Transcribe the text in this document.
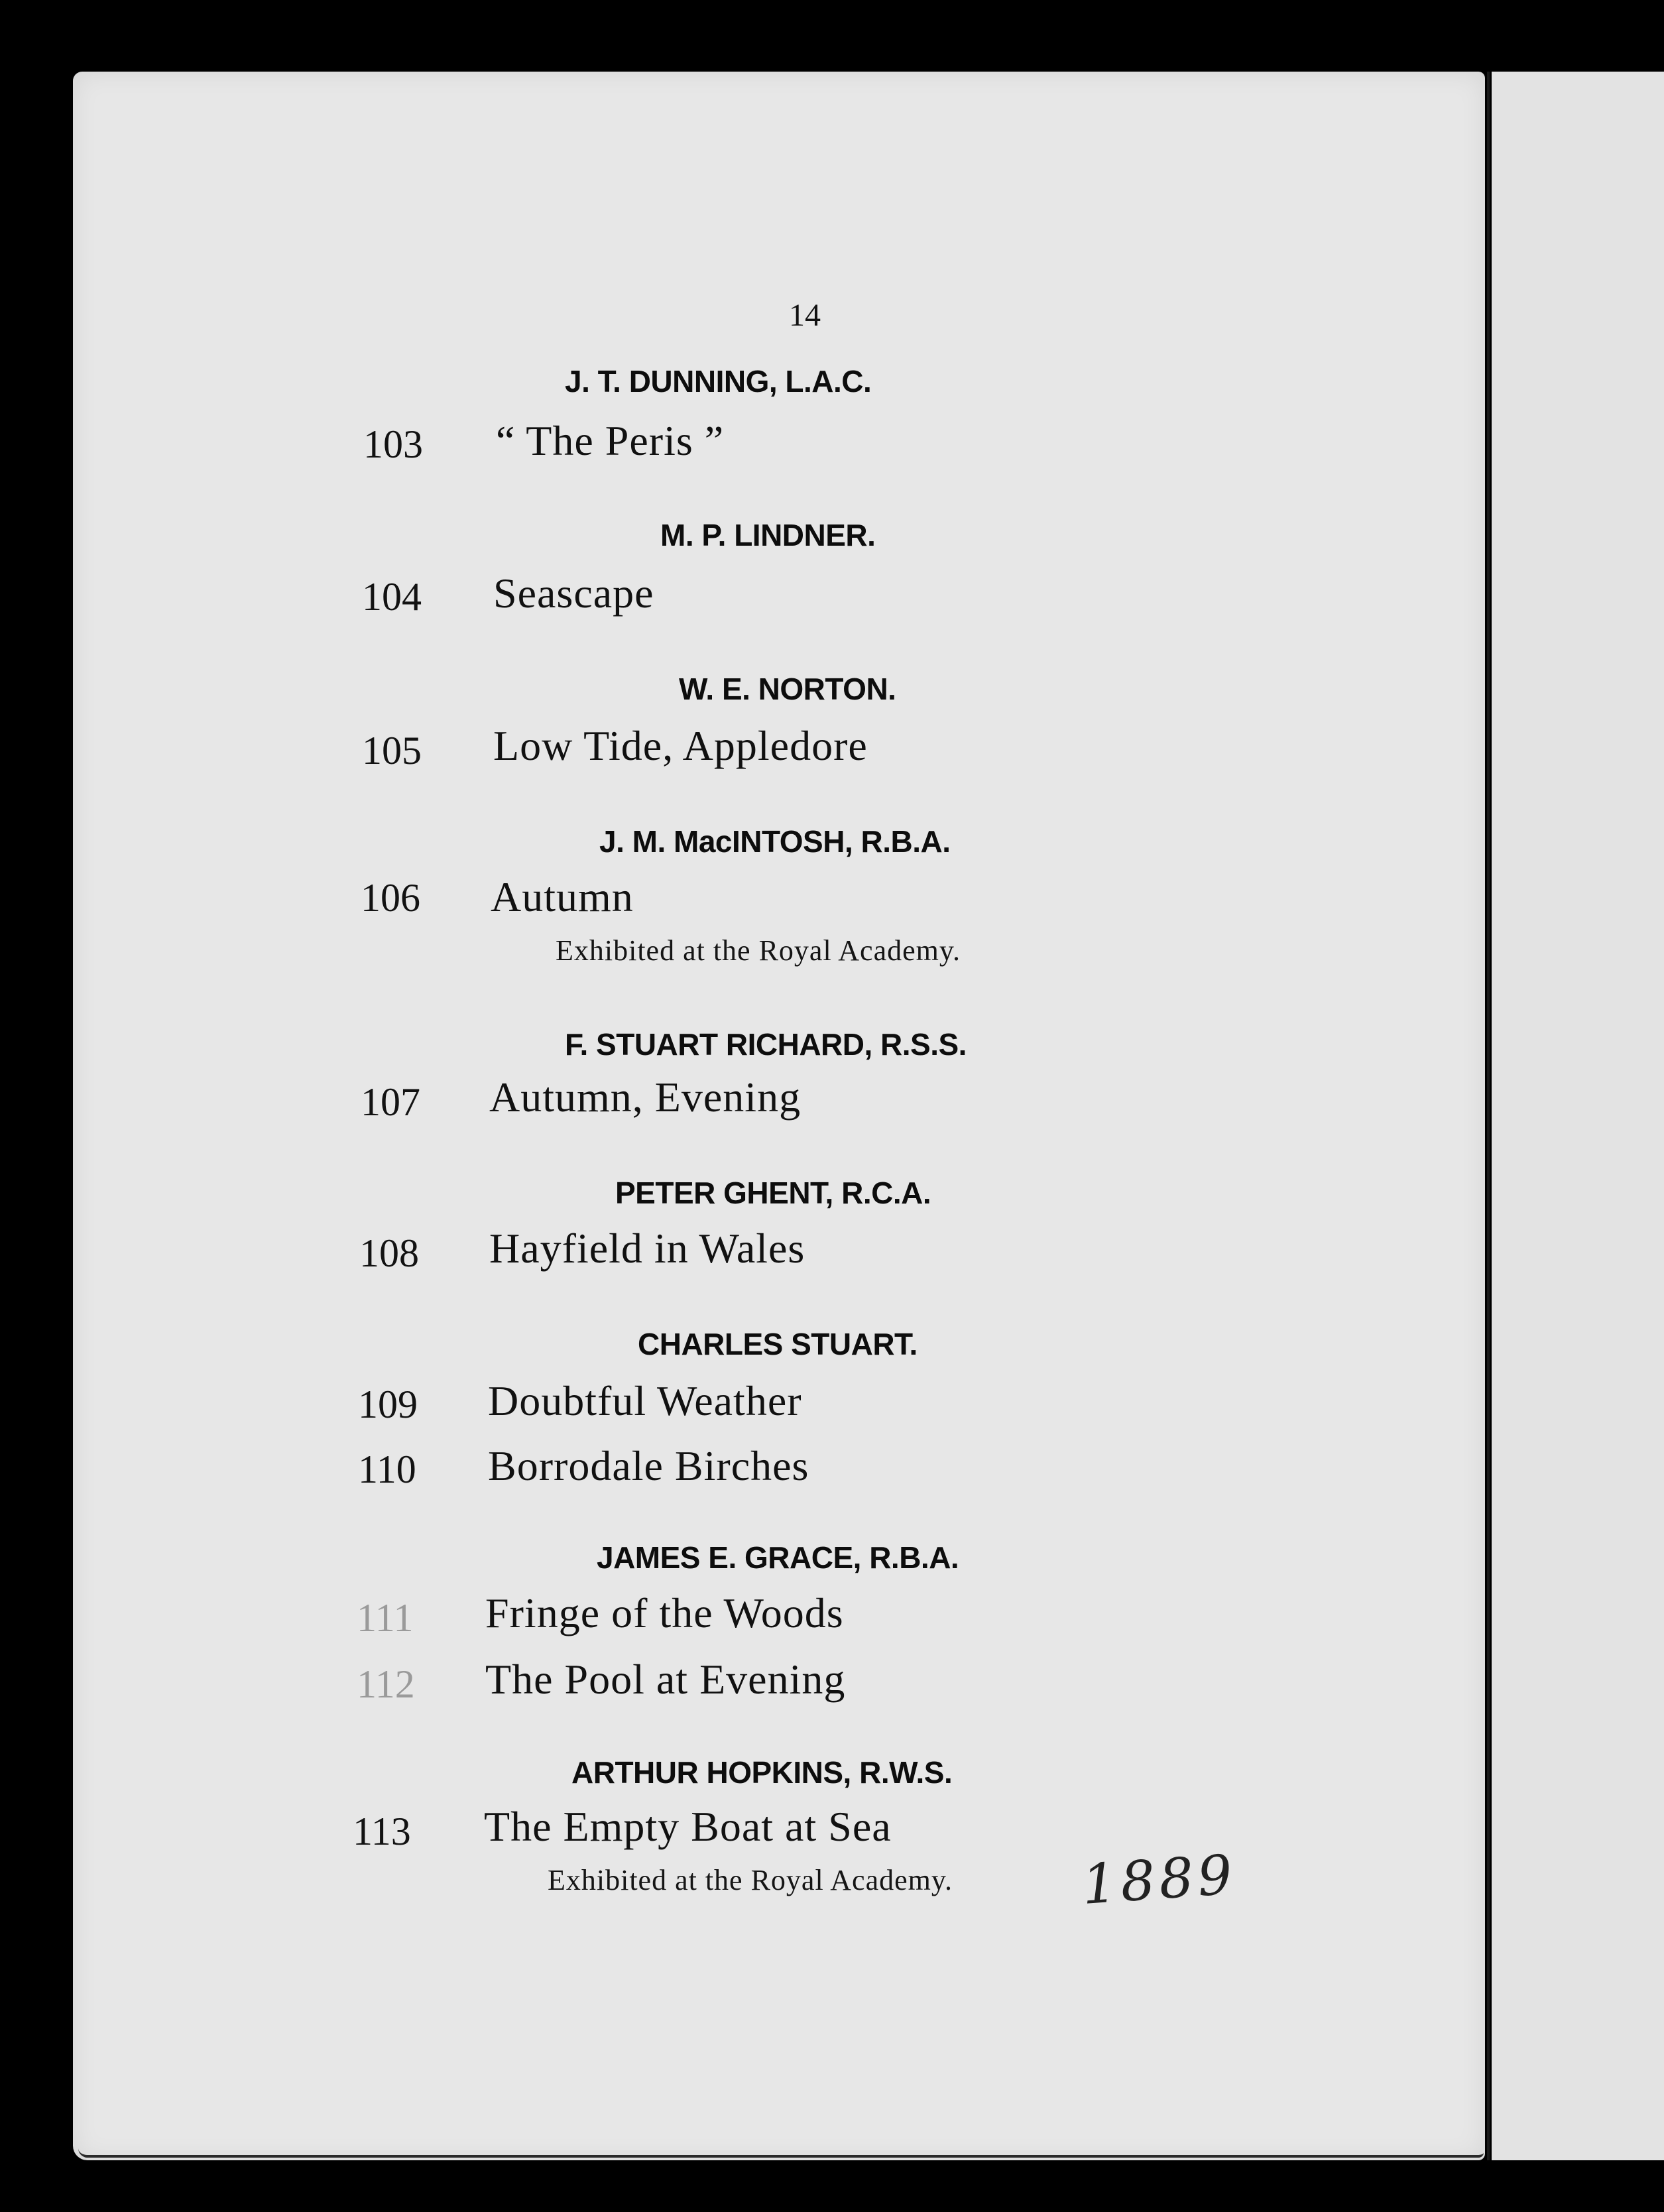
14
J. T. DUNNING, L.A.C.
103 “ The Peris ”
M. P. LINDNER.
104 Seascape
W. E. NORTON.
105 Low Tide, Appledore
J. M. MacINTOSH, R.B.A.
106 Autumn
Exhibited at the Royal Academy.
F. STUART RICHARD, R.S.S.
107 Autumn, Evening
PETER GHENT, R.C.A.
108 Hayfield in Wales
CHARLES STUART.
109 Doubtful Weather
110 Borrodale Birches
JAMES E. GRACE, R.B.A.
111 Fringe of the Woods
112 The Pool at Evening
ARTHUR HOPKINS, R.W.S.
113 The Empty Boat at Sea
Exhibited at the Royal Academy. 1889
